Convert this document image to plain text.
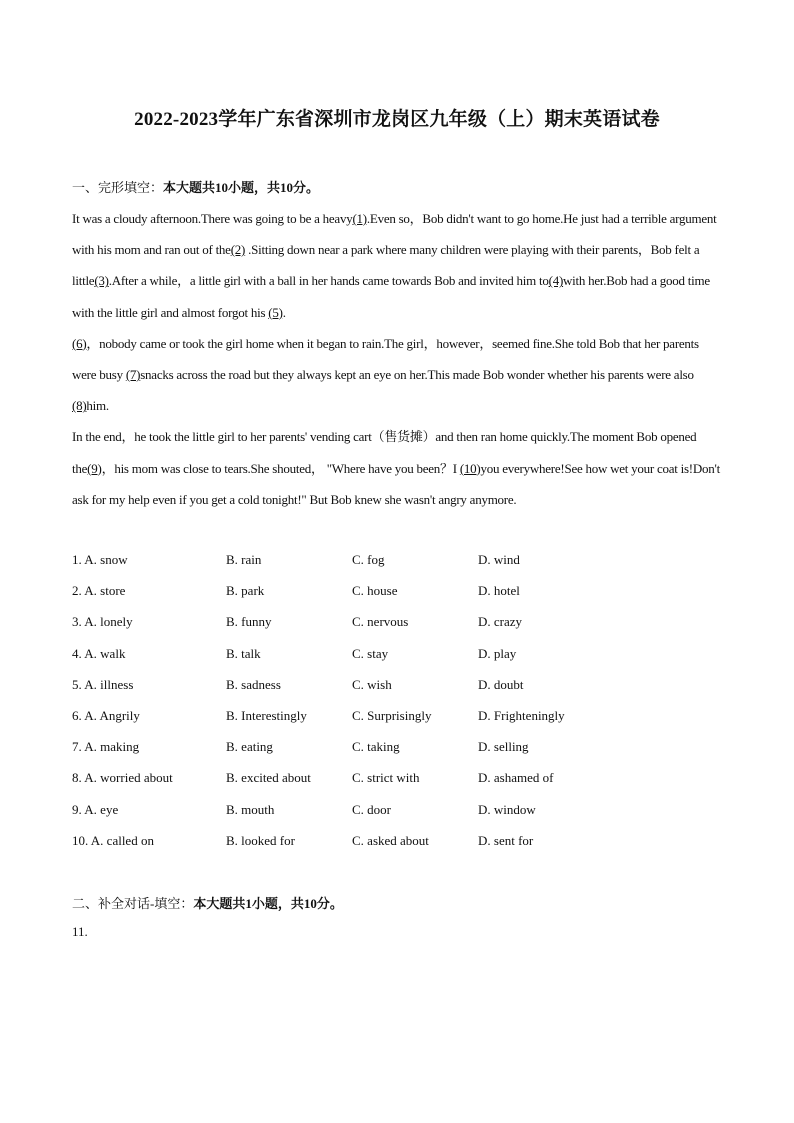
2022-2023学年广东省深圳市龙岗区九年级（上）期末英语试卷
一、完形填空：本大题共10小题，共10分。

It was a cloudy afternoon.There was going to be a heavy(1).Even so，Bob didn't want to go home.He just had a terrible argument with his mom and ran out of the(2) .Sitting down near a park where many children were playing with their parents，Bob felt a little(3).After a while，a little girl with a ball in her hands came towards Bob and invited him to(4)with her.Bob had a good time with the little girl and almost forgot his (5).

(6)，nobody came or took the girl home when it began to rain.The girl，however，seemed fine.She told Bob that her parents were busy (7)snacks across the road but they always kept an eye on her.This made Bob wonder whether his parents were also (8)him.

In the end，he took the little girl to her parents' vending cart（售货摊）and then ran home quickly.The moment Bob opened the(9)，his mom was close to tears.She shouted， "Where have you been？I (10)you everywhere!See how wet your coat is!Don't ask for my help even if you get a cold tonight!" But Bob knew she wasn't angry anymore.

1. A. snow	B. rain	C. fog	D. wind
2. A. store	B. park	C. house	D. hotel
3. A. lonely	B. funny	C. nervous	D. crazy
4. A. walk	B. talk	C. stay	D. play
5. A. illness	B. sadness	C. wish	D. doubt
6. A. Angrily	B. Interestingly	C. Surprisingly	D. Frighteningly
7. A. making	B. eating	C. taking	D. selling
8. A. worried about	B. excited about	C. strict with	D. ashamed of
9. A. eye	B. mouth	C. door	D. window
10. A. called on	B. looked for	C. asked about	D. sent for
二、补全对话-填空：本大题共1小题，共10分。

11.
